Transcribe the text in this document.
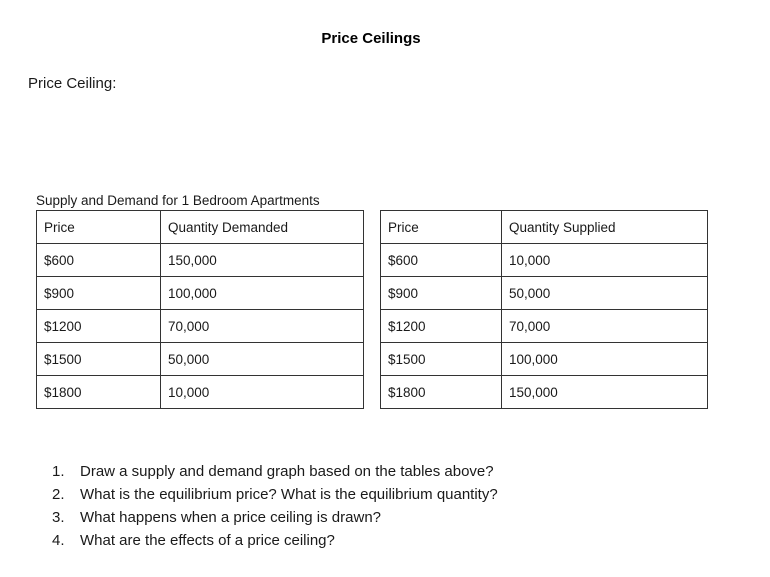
Price Ceilings
Price Ceiling:
Supply and Demand for 1 Bedroom Apartments
Price	Quantity Demanded
$600	150,000
$900	100,000
$1200	70,000
$1500	50,000
$1800	10,000
Price	Quantity Supplied
$600	10,000
$900	50,000
$1200	70,000
$1500	100,000
$1800	150,000
1. Draw a supply and demand graph based on the tables above?
2. What is the equilibrium price? What is the equilibrium quantity?
3. What happens when a price ceiling is drawn?
4. What are the effects of a price ceiling?
